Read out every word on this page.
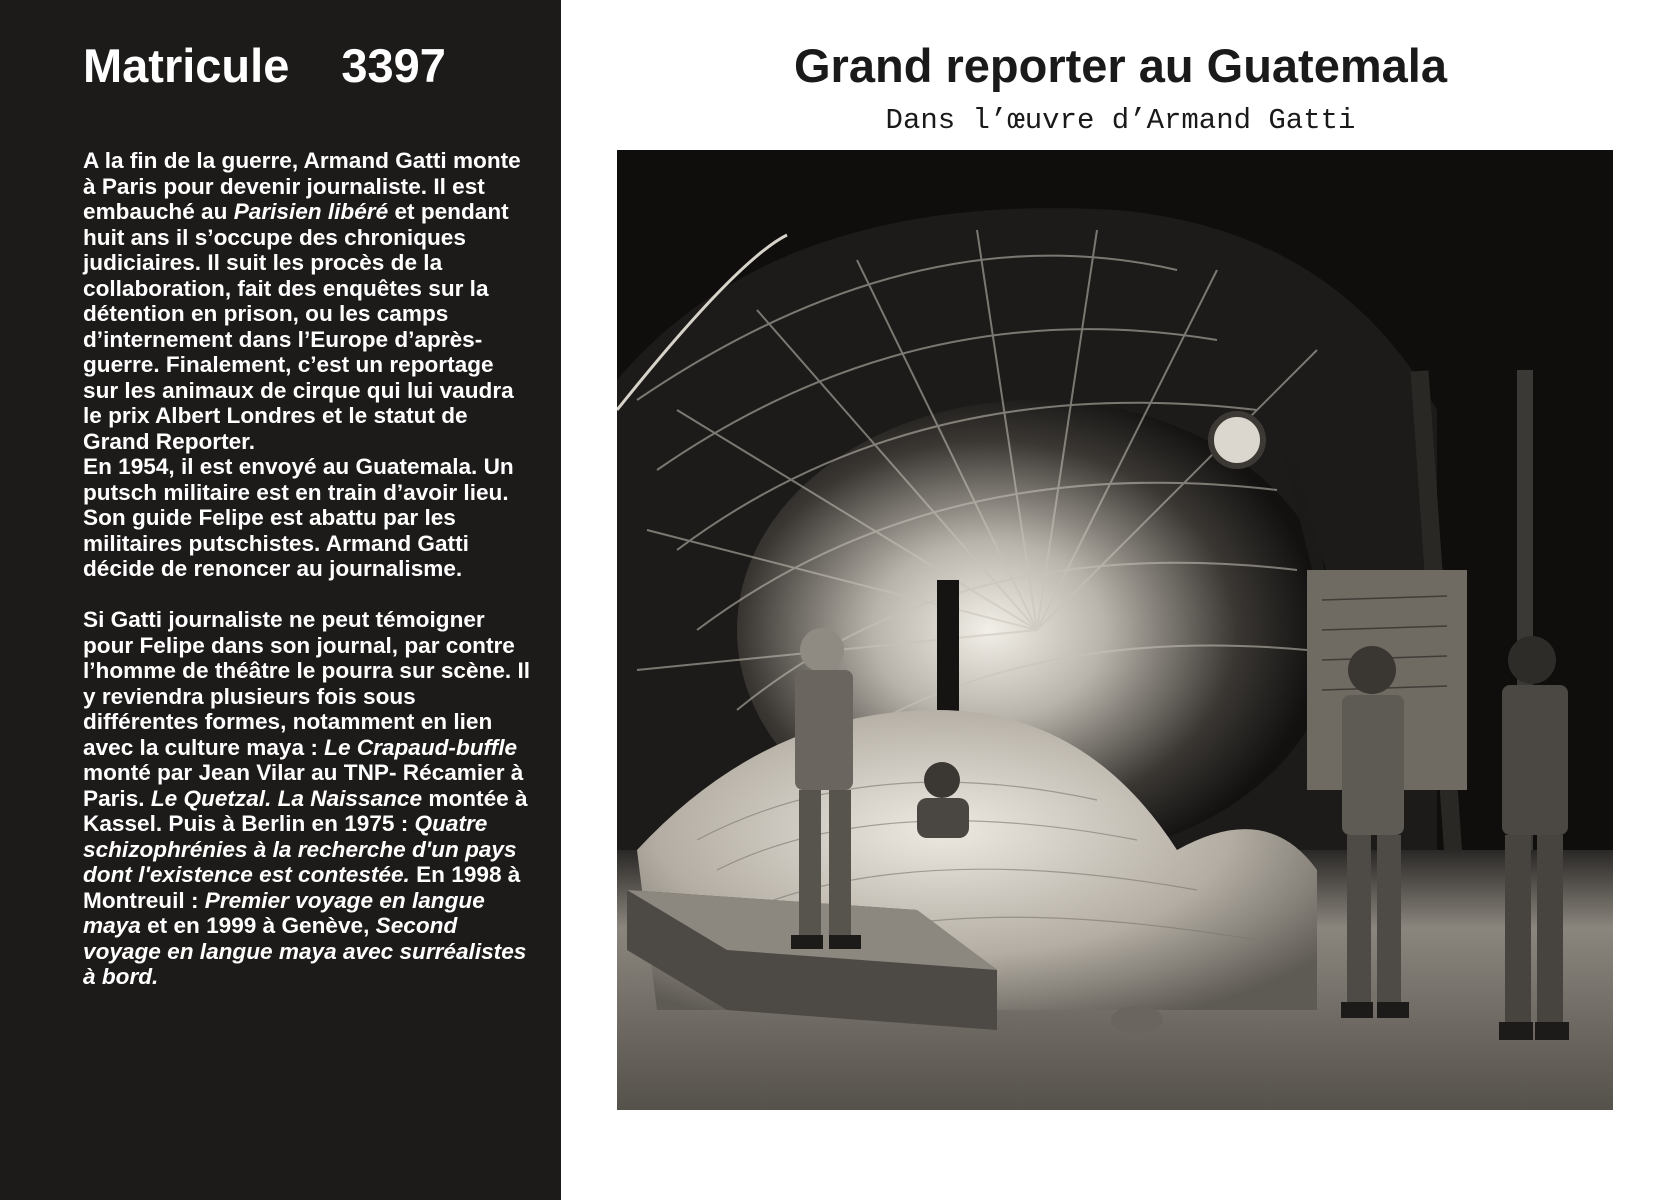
Matricule 3397

A la fin de la guerre, Armand Gatti monte à Paris pour devenir journaliste. Il est embauché au Parisien libéré et pendant huit ans il s’occupe des chroniques judiciaires. Il suit les procès de la collaboration, fait des enquêtes sur la détention en prison, ou les camps d’internement dans l’Europe d’après-guerre. Finalement, c’est un reportage sur les animaux de cirque qui lui vaudra le prix Albert Londres et le statut de Grand Reporter.
En 1954, il est envoyé au Guatemala. Un putsch militaire est en train d’avoir lieu. Son guide Felipe est abattu par les militaires putschistes. Armand Gatti décide de renoncer au journalisme.

Si Gatti journaliste ne peut témoigner pour Felipe dans son journal, par contre l’homme de théâtre le pourra sur scène. Il y reviendra plusieurs fois sous différentes formes, notamment en lien avec la culture maya : Le Crapaud-buffle monté par Jean Vilar au TNP- Récamier à Paris. Le Quetzal. La Naissance montée à Kassel. Puis à Berlin en 1975 : Quatre schizophrénies à la recherche d'un pays dont l'existence est contestée. En 1998 à Montreuil : Premier voyage en langue maya et en 1999 à Genève, Second voyage en langue maya avec surréalistes à bord.

Grand reporter au Guatemala
Dans l’œuvre d’Armand Gatti
